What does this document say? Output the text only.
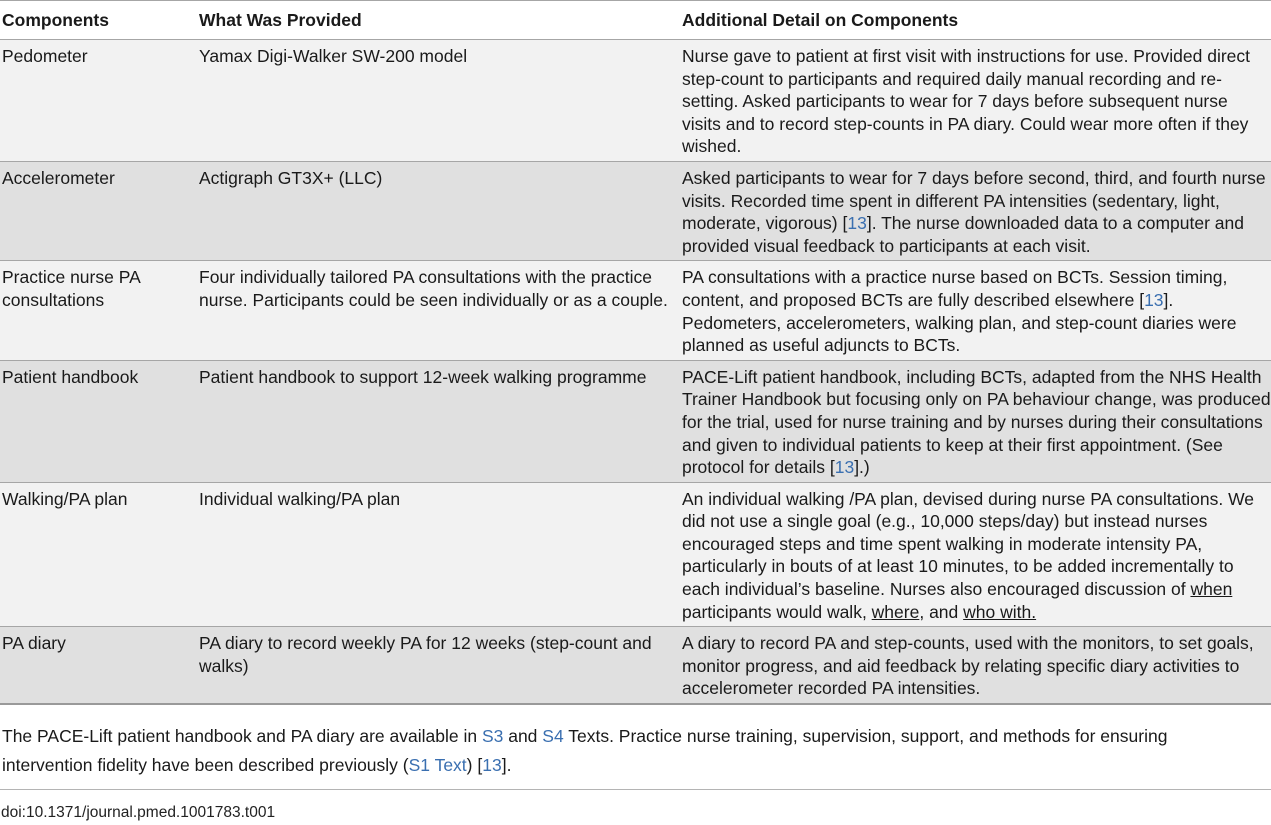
Components	What Was Provided	Additional Detail on Components
Pedometer	Yamax Digi-Walker SW-200 model	Nurse gave to patient at first visit with instructions for use. Provided direct step-count to participants and required daily manual recording and re-setting. Asked participants to wear for 7 days before subsequent nurse visits and to record step-counts in PA diary. Could wear more often if they wished.
Accelerometer	Actigraph GT3X+ (LLC)	Asked participants to wear for 7 days before second, third, and fourth nurse visits. Recorded time spent in different PA intensities (sedentary, light, moderate, vigorous) [13]. The nurse downloaded data to a computer and provided visual feedback to participants at each visit.
Practice nurse PA consultations	Four individually tailored PA consultations with the practice nurse. Participants could be seen individually or as a couple.	PA consultations with a practice nurse based on BCTs. Session timing, content, and proposed BCTs are fully described elsewhere [13]. Pedometers, accelerometers, walking plan, and step-count diaries were planned as useful adjuncts to BCTs.
Patient handbook	Patient handbook to support 12-week walking programme	PACE-Lift patient handbook, including BCTs, adapted from the NHS Health Trainer Handbook but focusing only on PA behaviour change, was produced for the trial, used for nurse training and by nurses during their consultations and given to individual patients to keep at their first appointment. (See protocol for details [13].)
Walking/PA plan	Individual walking/PA plan	An individual walking /PA plan, devised during nurse PA consultations. We did not use a single goal (e.g., 10,000 steps/day) but instead nurses encouraged steps and time spent walking in moderate intensity PA, particularly in bouts of at least 10 minutes, to be added incrementally to each individual’s baseline. Nurses also encouraged discussion of when participants would walk, where, and who with.
PA diary	PA diary to record weekly PA for 12 weeks (step-count and walks)	A diary to record PA and step-counts, used with the monitors, to set goals, monitor progress, and aid feedback by relating specific diary activities to accelerometer recorded PA intensities.
The PACE-Lift patient handbook and PA diary are available in S3 and S4 Texts. Practice nurse training, supervision, support, and methods for ensuring intervention fidelity have been described previously (S1 Text) [13].
doi:10.1371/journal.pmed.1001783.t001
